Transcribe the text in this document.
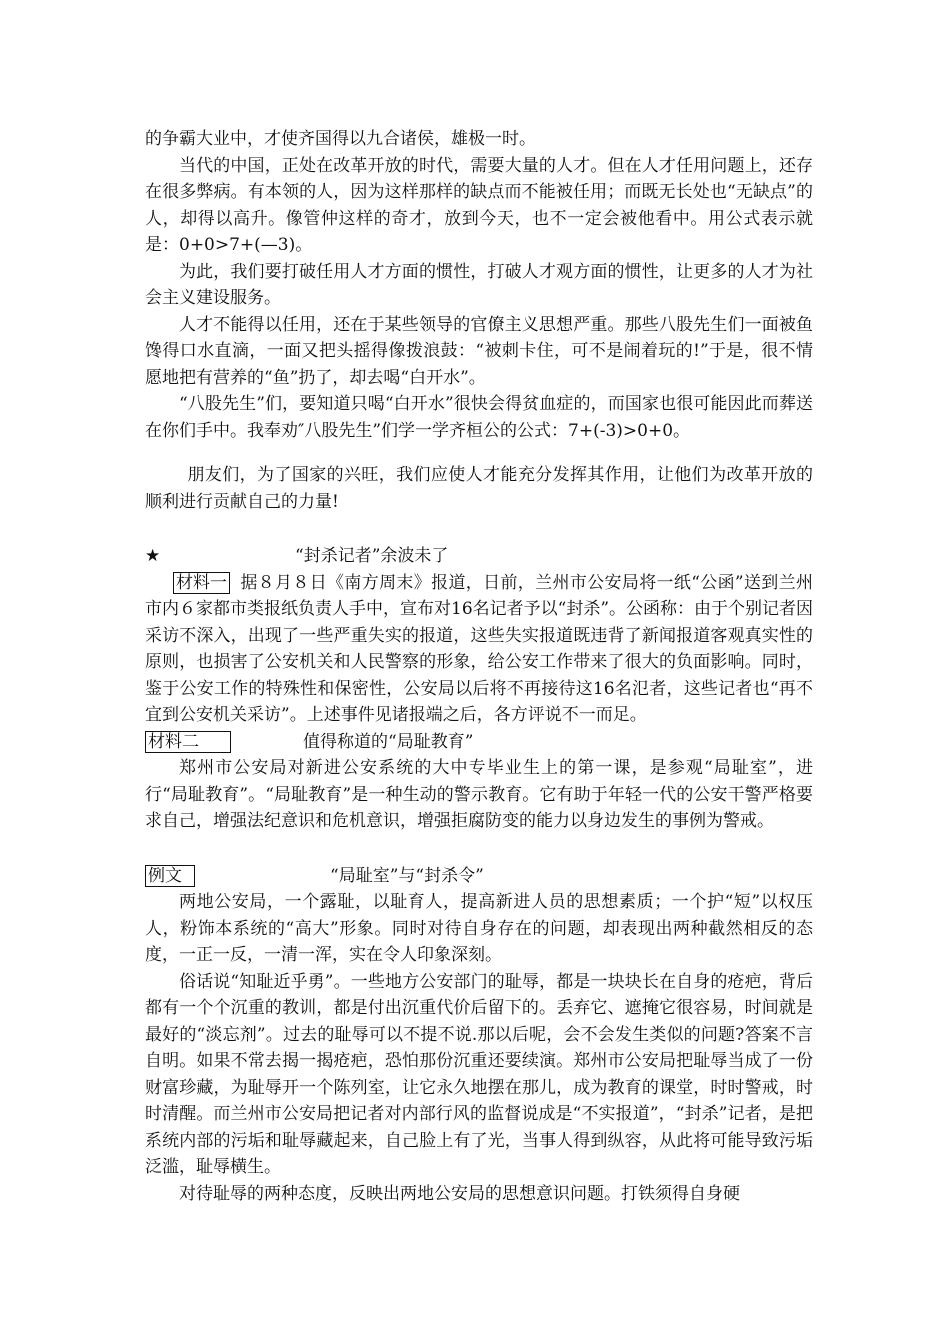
的争霸大业中，才使齐国得以九合诸侯，雄极一时。

当代的中国，正处在改革开放的时代，需要大量的人才。但在人才任用问题上，还存在很多弊病。有本领的人，因为这样那样的缺点而不能被任用；而既无长处也“无缺点”的人，却得以高升。像管仲这样的奇才，放到今天，也不一定会被他看中。用公式表示就是：0+0>7+(—3)。

为此，我们要打破任用人才方面的惯性，打破人才观方面的惯性，让更多的人才为社会主义建设服务。

人才不能得以任用，还在于某些领导的官僚主义思想严重。那些八股先生们一面被鱼馋得口水直滴，一面又把头摇得像拨浪鼓：“被刺卡住，可不是闹着玩的!”于是，很不情愿地把有营养的“鱼”扔了，却去喝“白开水”。

“八股先生”们，要知道只喝“白开水”很快会得贫血症的，而国家也很可能因此而葬送在你们手中。我奉劝″八股先生”们学一学齐桓公的公式：7+(-3)>0+0。

朋友们，为了国家的兴旺，我们应使人才能充分发挥其作用，让他们为改革开放的顺利进行贡献自己的力量!

★	“封杀记者”余波未了

材料一 据８月８日《南方周末》报道，日前，兰州市公安局将一纸“公函”送到兰州市内６家都市类报纸负责人手中，宣布对16名记者予以“封杀”。公函称：由于个别记者因采访不深入，出现了一些严重失实的报道，这些失实报道既违背了新闻报道客观真实性的原则，也损害了公安机关和人民警察的形象，给公安工作带来了很大的负面影响。同时，鉴于公安工作的特殊性和保密性，公安局以后将不再接待这16名氾者，这些记者也“再不宜到公安机关采访”。上述事件见诸报端之后，各方评说不一而足。

材料二	值得称道的“局耻教育”

郑州市公安局对新进公安系统的大中专毕业生上的第一课，是参观“局耻室”，进行“局耻教育”。“局耻教育”是一种生动的警示教育。它有助于年轻一代的公安干警严格要求自己，增强法纪意识和危机意识，增强拒腐防变的能力以身边发生的事例为警戒。

例文	“局耻室”与“封杀令”

两地公安局，一个露耻，以耻育人，提高新进人员的思想素质；一个护“短”以权压人，粉饰本系统的“高大”形象。同时对待自身存在的问题，却表现出两种截然相反的态度，一正一反，一清一浑，实在令人印象深刻。

俗话说“知耻近乎勇”。一些地方公安部门的耻辱，都是一块块长在自身的疮疤，背后都有一个个沉重的教训，都是付出沉重代价后留下的。丢弃它、遮掩它很容易，时间就是最好的“淡忘剂”。过去的耻辱可以不提不说.那以后呢，会不会发生类似的问题?答案不言自明。如果不常去揭一揭疮疤，恐怕那份沉重还要续演。郑州市公安局把耻辱当成了一份财富珍藏，为耻辱开一个陈列室，让它永久地摆在那儿，成为教育的课堂，时时警戒，时时清醒。而兰州市公安局把记者对内部行风的监督说成是“不实报道”，“封杀”记者，是把系统内部的污垢和耻辱藏起来，自己脸上有了光，当事人得到纵容，从此将可能导致污垢泛滥，耻辱横生。

对待耻辱的两种态度，反映出两地公安局的思想意识问题。打铁须得自身硬
